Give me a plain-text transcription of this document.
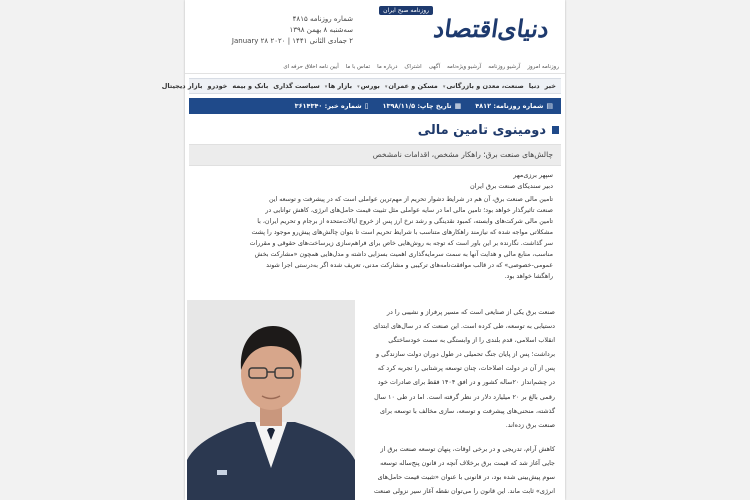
روزنامه صبح ایران
دنیای‌اقتصاد
شماره روزنامه ۴۸۱۵
سه‌شنبه ۸ بهمن ۱۳۹۸
۲ جمادی الثانی ۱۴۴۱ | ۲۰۲۰ January ۲۸
روزنامه امروز
آرشیو روزنامه
آرشیو ویژه‌نامه
آگهی
اشتراک
درباره ما
تماس با ما
آیین نامه اخلاق حرفه ای
خبر
دنیا
صنعت، معدن و بازرگانی▾
مسکن و عمران▾
بورس▾
بازار ها▾
سیاست گذاری
بانک و بیمه
خودرو
بازار دیجیتال
▤شماره روزنامه: ۴۸۱۲
▦تاریخ چاپ: ۱۳۹۸/۱۱/۵
▯شماره خبر: ۳۶۱۴۳۴۰
دومینوی تامین مالی
چالش‌های صنعت برق؛ راهکار مشخص، اقدامات نامشخص
سپهر برزی‌مهر
دبیر سندیکای صنعت برق ایران
تامین مالی صنعت برق، آن هم در شرایط دشوار تحریم از مهم‌ترین عواملی است که در پیشرفت و توسعه این
صنعت تاثیرگذار خواهد بود؛ تامین مالی اما در سایه عواملی مثل تثبیت قیمت حامل‌های انرژی، کاهش توانایی در
تامین مالی شرکت‌های وابسته، کمبود نقدینگی و رشد نرخ ارز پس از خروج ایالات‌متحده از برجام و تحریم ایران، با
مشکلاتی مواجه شده که نیازمند راهکارهای متناسب با شرایط تحریم است تا بتوان چالش‌های پیش‌رو موجود را پشت
سر گذاشت. نگارنده بر این باور است که توجه به روش‌هایی خاص برای فراهم‌سازی زیرساخت‌های حقوقی و مقررات
مناسب، منابع مالی و هدایت آنها به سمت سرمایه‌گذاری اهمیت بسزایی داشته و مدل‌هایی همچون «مشارکت بخش
عمومی-خصوصی» که در قالب موافقت‌نامه‌های ترکیبی و مشارکت مدنی، تعریف شده اگر به‌درستی اجرا شوند
راهگشا خواهد بود.
صنعت برق یکی از صنایعی است که مسیر پرفراز و نشیبی را در
دستیابی به توسعه، طی کرده است. این صنعت که در سال‌های ابتدای
انقلاب اسلامی، قدم بلندی را از وابستگی به سمت خودساختگی
برداشت؛ پس از پایان جنگ تحمیلی در طول دوران دولت سازندگی و
پس از آن در دولت اصلاحات، چنان توسعه پرشتابی را تجربه کرد که
در چشم‌انداز ۲۰ساله کشور و در افق ۱۴۰۴ فقط برای صادرات خود
رقمی بالغ بر ۲۰ میلیارد دلار در نظر گرفته است. اما در طی ۱۰ سال
گذشته، منحنی‌های پیشرفت و توسعه، سازی مخالف با توسعه برای
صنعت برق زده‌اند.
کاهش آرام، تدریجی و در برخی اوقات، پنهان توسعه صنعت برق از
جایی آغاز شد که قیمت برق برخلاف آنچه در قانون پنج‌ساله توسعه
سوم پیش‌بینی شده بود، در قانونی با عنوان «تثبیت قیمت حامل‌های
انرژی» ثابت ماند. این قانون را می‌توان نقطه آغاز سیر نزولی صنعت
